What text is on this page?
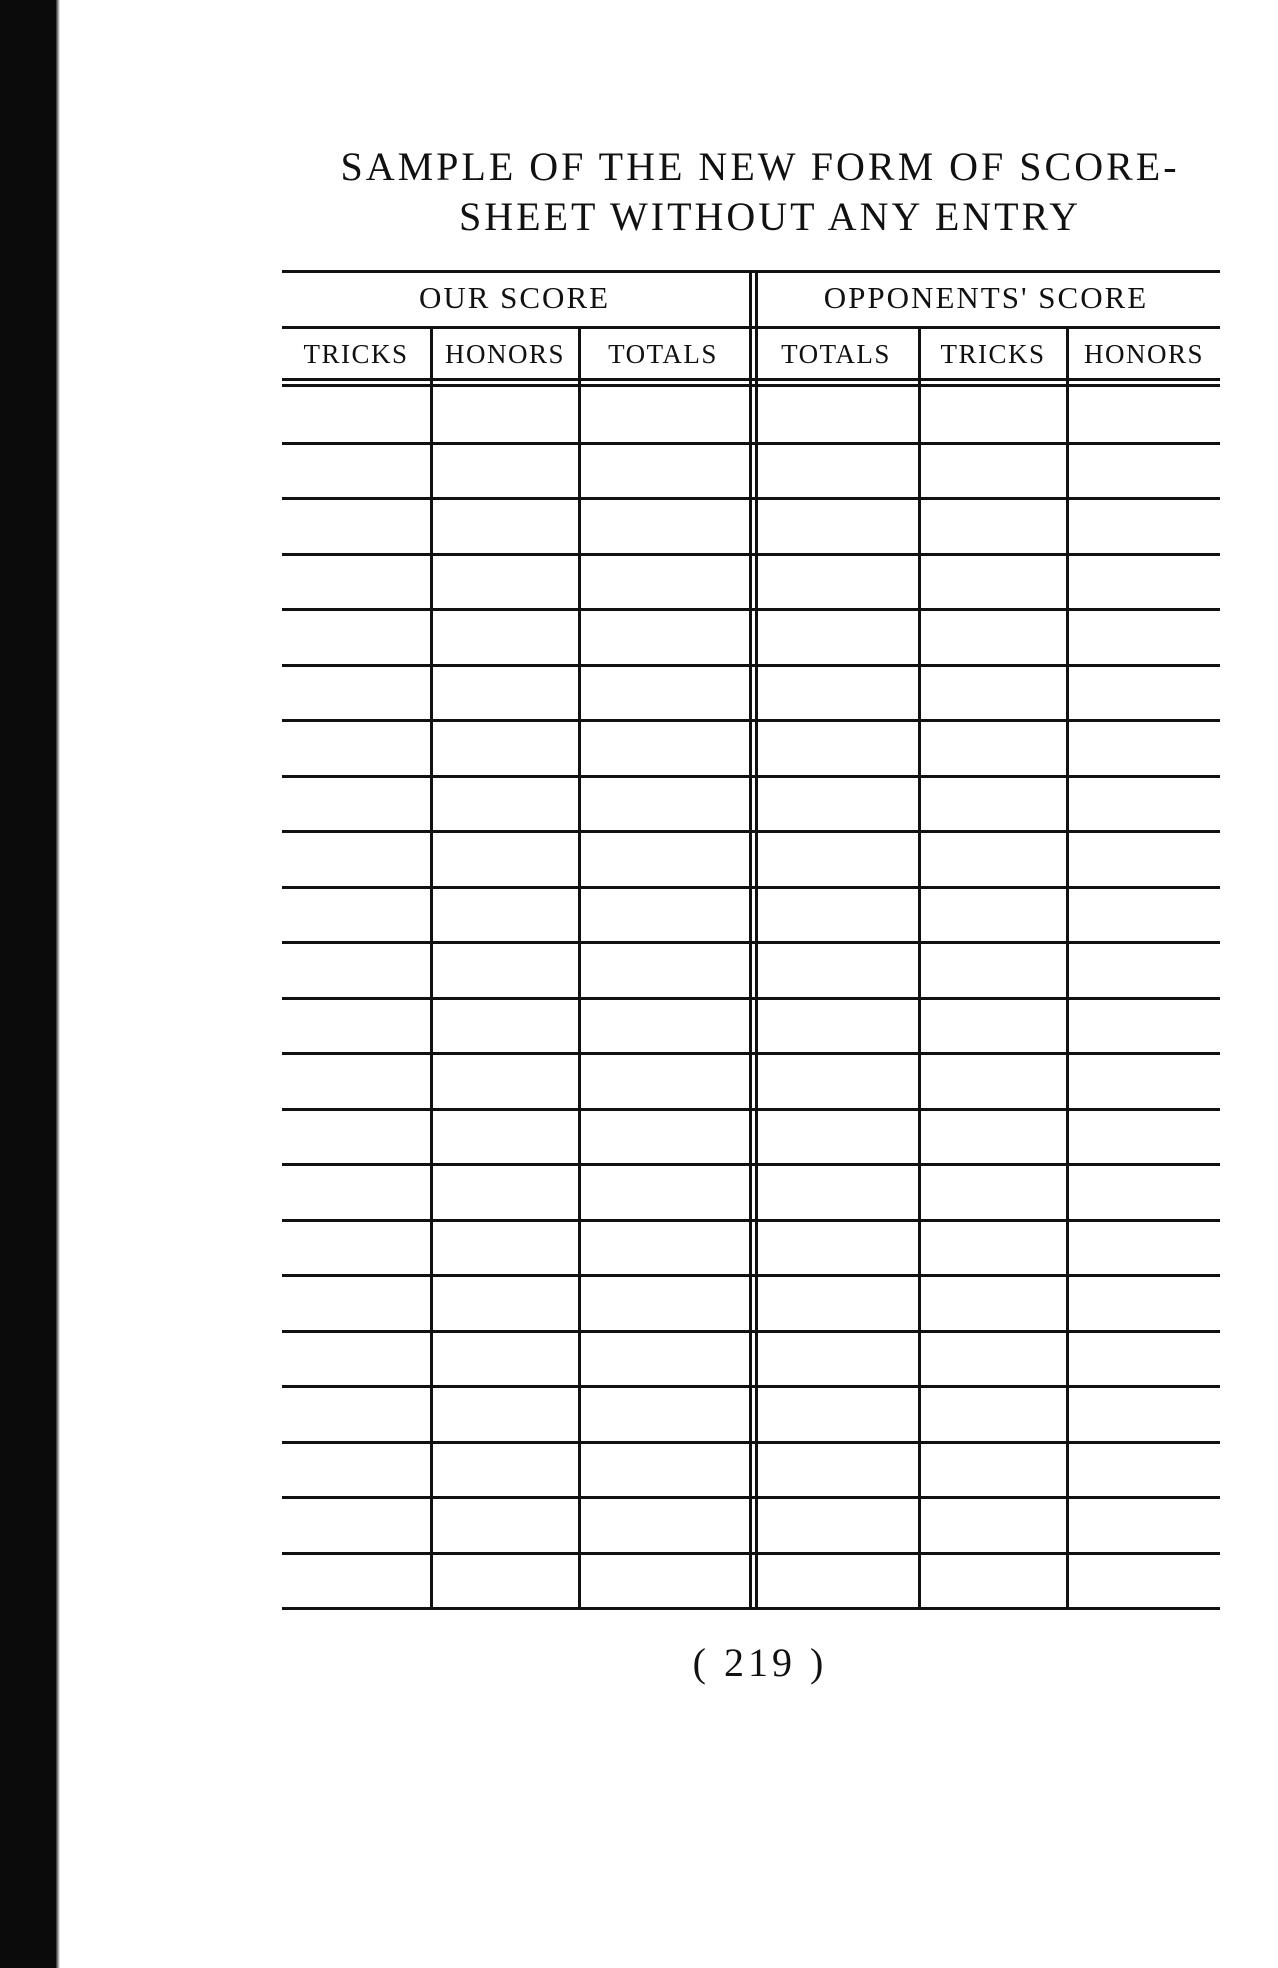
SAMPLE OF THE NEW FORM OF SCORE-
SHEET WITHOUT ANY ENTRY
OUR SCORE	OPPONENTS' SCORE
TRICKS	HONORS	TOTALS	TOTALS	TRICKS	HONORS
( 219 )
